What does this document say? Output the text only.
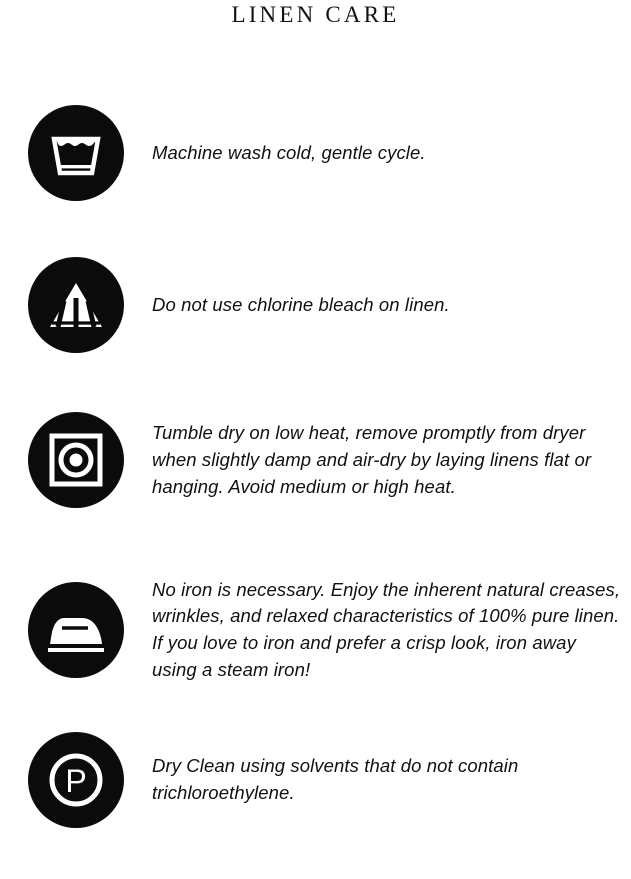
LINEN CARE

Machine wash cold, gentle cycle.

Do not use chlorine bleach on linen.

Tumble dry on low heat, remove promptly from dryer when slightly damp and air-dry by laying linens flat or hanging. Avoid medium or high heat.

No iron is necessary. Enjoy the inherent natural creases, wrinkles, and relaxed characteristics of 100% pure linen. If you love to iron and prefer a crisp look, iron away using a steam iron!

P	Dry Clean using solvents that do not contain trichloroethylene.
